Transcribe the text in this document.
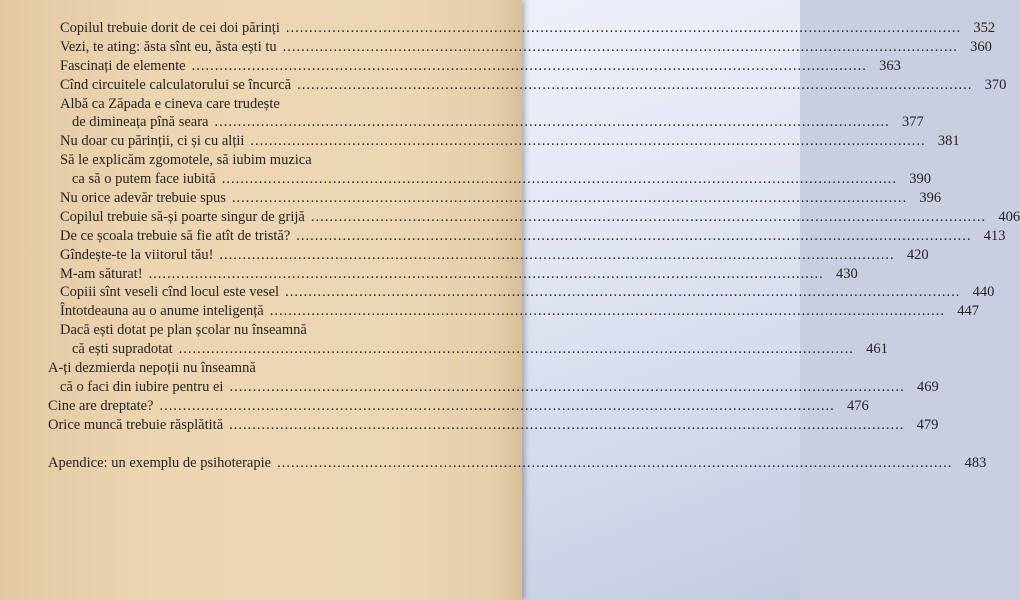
Copilul trebuie dorit de cei doi părinți .....	352
Vezi, te ating: ăsta sînt eu, ăsta ești tu .....	360
Fascinați de elemente .....	363
Cînd circuitele calculatorului se încurcă .....	370
Albă ca Zăpada e cineva care trudește
de dimineața pînă seara .....	377
Nu doar cu părinții, ci și cu alții .....	381
Să le explicăm zgomotele, să iubim muzica
ca să o putem face iubită .....	390
Nu orice adevăr trebuie spus .....	396
Copilul trebuie să-și poarte singur de grijă .....	406
De ce școala trebuie să fie atît de tristă? .....	413
Gîndește-te la viitorul tău! .....	420
M-am săturat! .....	430
Copiii sînt veseli cînd locul este vesel .....	440
Întotdeauna au o anume inteligență .....	447
Dacă ești dotat pe plan școlar nu înseamnă
că ești supradotat .....	461
A-ți dezmierda nepoții nu înseamnă
că o faci din iubire pentru ei .....	469
Cine are dreptate? .....	476
Orice muncă trebuie răsplătită .....	479
Apendice: un exemplu de psihoterapie .....	483
